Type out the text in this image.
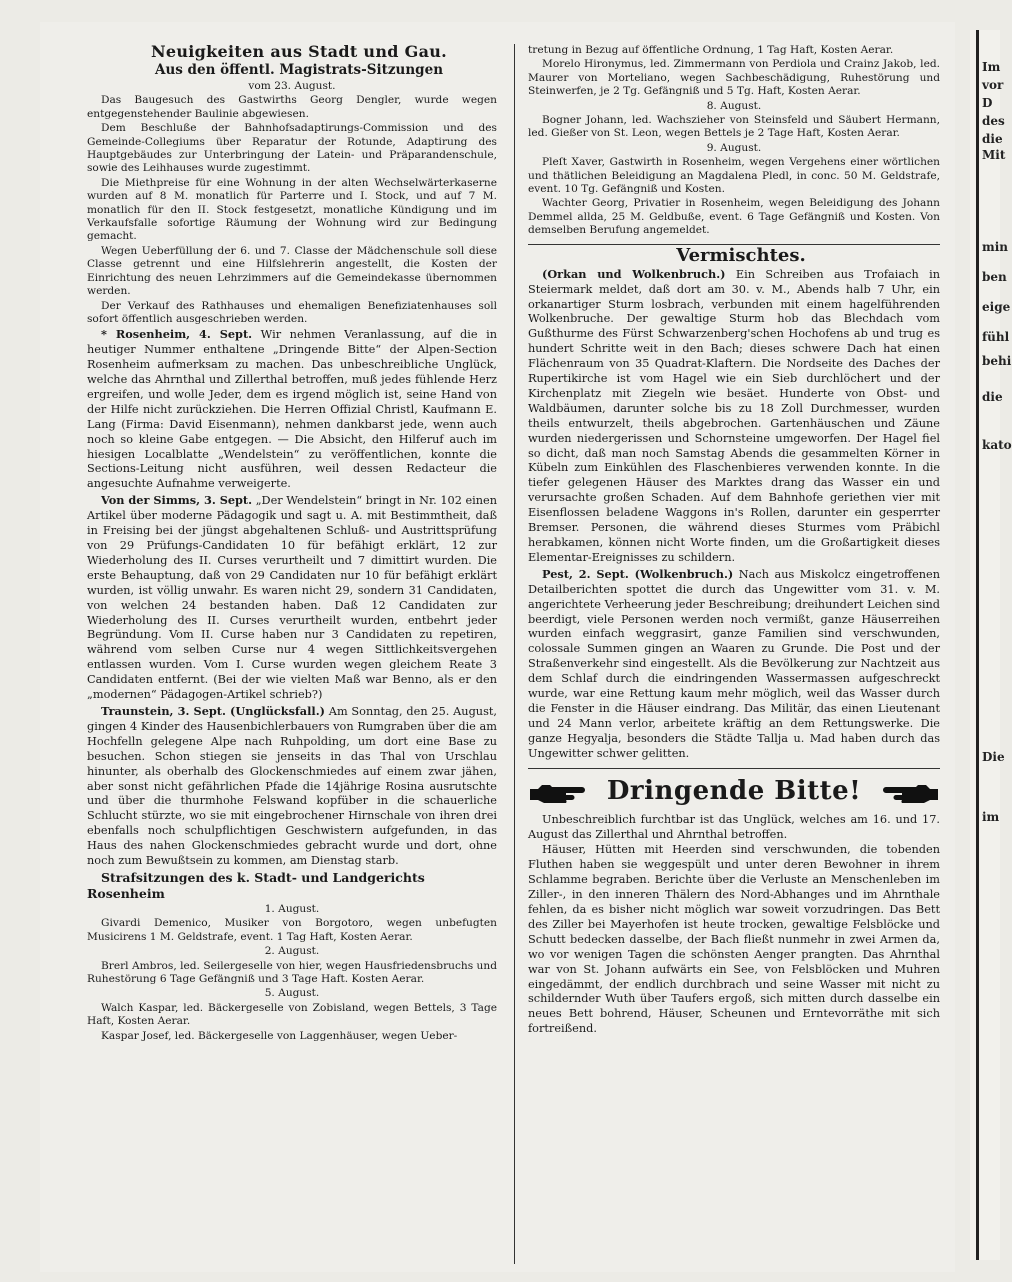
Neuigkeiten aus Stadt und Gau.

Aus den öffentl. Magistrats-Sitzungen

vom 23. August.

Das Baugesuch des Gastwirths Georg Dengler, wurde wegen entgegenstehender Baulinie abgewiesen.

Dem Beschluße der Bahnhofsadaptirungs-Commission und des Gemeinde-Collegiums über Reparatur der Rotunde, Adaptirung des Hauptgebäudes zur Unterbringung der Latein- und Präparandenschule, sowie des Leihhauses wurde zugestimmt.

Die Miethpreise für eine Wohnung in der alten Wechselwärterkaserne wurden auf 8 M. monatlich für Parterre und I. Stock, und auf 7 M. monatlich für den II. Stock festgesetzt, monatliche Kündigung und im Verkaufsfalle sofortige Räumung der Wohnung wird zur Bedingung gemacht.

Wegen Ueberfüllung der 6. und 7. Classe der Mädchenschule soll diese Classe getrennt und eine Hilfslehrerin angestellt, die Kosten der Einrichtung des neuen Lehrzimmers auf die Gemeindekasse übernommen werden.

Der Verkauf des Rathhauses und ehemaligen Benefiziatenhauses soll sofort öffentlich ausgeschrieben werden.

* Rosenheim, 4. Sept. Wir nehmen Veranlassung, auf die in heutiger Nummer enthaltene „Dringende Bitte“ der Alpen-Section Rosenheim aufmerksam zu machen. Das unbeschreibliche Unglück, welche das Ahrnthal und Zillerthal betroffen, muß jedes fühlende Herz ergreifen, und wolle Jeder, dem es irgend möglich ist, seine Hand von der Hilfe nicht zurückziehen. Die Herren Offizial Christl, Kaufmann E. Lang (Firma: David Eisenmann), nehmen dankbarst jede, wenn auch noch so kleine Gabe entgegen. — Die Absicht, den Hilferuf auch im hiesigen Localblatte „Wendelstein“ zu veröffentlichen, konnte die Sections-Leitung nicht ausführen, weil dessen Redacteur die angesuchte Aufnahme verweigerte.

Von der Simms, 3. Sept. „Der Wendelstein“ bringt in Nr. 102 einen Artikel über moderne Pädagogik und sagt u. A. mit Bestimmtheit, daß in Freising bei der jüngst abgehaltenen Schluß- und Austrittsprüfung von 29 Prüfungs-Candidaten 10 für befähigt erklärt, 12 zur Wiederholung des II. Curses verurtheilt und 7 dimittirt wurden. Die erste Behauptung, daß von 29 Candidaten nur 10 für befähigt erklärt wurden, ist völlig unwahr. Es waren nicht 29, sondern 31 Candidaten, von welchen 24 bestanden haben. Daß 12 Candidaten zur Wiederholung des II. Curses verurtheilt wurden, entbehrt jeder Begründung. Vom II. Curse haben nur 3 Candidaten zu repetiren, während vom selben Curse nur 4 wegen Sittlichkeitsvergehen entlassen wurden. Vom I. Curse wurden wegen gleichem Reate 3 Candidaten entfernt. (Bei der wie vielten Maß war Benno, als er den „modernen“ Pädagogen-Artikel schrieb?)

Traunstein, 3. Sept. (Unglücksfall.) Am Sonntag, den 25. August, gingen 4 Kinder des Hausenbichlerbauers von Rumgraben über die am Hochfelln gelegene Alpe nach Ruhpolding, um dort eine Base zu besuchen. Schon stiegen sie jenseits in das Thal von Urschlau hinunter, als oberhalb des Glockenschmiedes auf einem zwar jähen, aber sonst nicht gefährlichen Pfade die 14jährige Rosina ausrutschte und über die thurmhohe Felswand kopfüber in die schauerliche Schlucht stürzte, wo sie mit eingebrochener Hirnschale von ihren drei ebenfalls noch schulpflichtigen Geschwistern aufgefunden, in das Haus des nahen Glockenschmiedes gebracht wurde und dort, ohne noch zum Bewußtsein zu kommen, am Dienstag starb.

Strafsitzungen des k. Stadt- und Landgerichts Rosenheim

1. August.

Givardi Demenico, Musiker von Borgotoro, wegen unbefugten Musicirens 1 M. Geldstrafe, event. 1 Tag Haft, Kosten Aerar.

2. August.

Brerl Ambros, led. Seilergeselle von hier, wegen Hausfriedensbruchs und Ruhestörung 6 Tage Gefängniß und 3 Tage Haft. Kosten Aerar.

5. August.

Walch Kaspar, led. Bäckergeselle von Zobisland, wegen Bettels, 3 Tage Haft, Kosten Aerar.

Kaspar Josef, led. Bäckergeselle von Laggenhäuser, wegen Ueber-

tretung in Bezug auf öffentliche Ordnung, 1 Tag Haft, Kosten Aerar.

Morelo Hironymus, led. Zimmermann von Perdiola und Crainz Jakob, led. Maurer von Morteliano, wegen Sachbeschädigung, Ruhestörung und Steinwerfen, je 2 Tg. Gefängniß und 5 Tg. Haft, Kosten Aerar.

8. August.

Bogner Johann, led. Wachszieher von Steinsfeld und Säubert Hermann, led. Gießer von St. Leon, wegen Bettels je 2 Tage Haft, Kosten Aerar.

9. August.

Pleſt Xaver, Gastwirth in Rosenheim, wegen Vergehens einer wörtlichen und thätlichen Beleidigung an Magdalena Pledl, in conc. 50 M. Geldstrafe, event. 10 Tg. Gefängniß und Kosten.

Wachter Georg, Privatier in Rosenheim, wegen Beleidigung des Johann Demmel allda, 25 M. Geldbuße, event. 6 Tage Gefängniß und Kosten. Von demselben Berufung angemeldet.

Vermischtes.

(Orkan und Wolkenbruch.) Ein Schreiben aus Trofaiach in Steiermark meldet, daß dort am 30. v. M., Abends halb 7 Uhr, ein orkanartiger Sturm losbrach, verbunden mit einem hagelführenden Wolkenbruche. Der gewaltige Sturm hob das Blechdach vom Gußthurme des Fürst Schwarzenberg'schen Hochofens ab und trug es hundert Schritte weit in den Bach; dieses schwere Dach hat einen Flächenraum von 35 Quadrat-Klaftern. Die Nordseite des Daches der Rupertikirche ist vom Hagel wie ein Sieb durchlöchert und der Kirchenplatz mit Ziegeln wie besäet. Hunderte von Obst- und Waldbäumen, darunter solche bis zu 18 Zoll Durchmesser, wurden theils entwurzelt, theils abgebrochen. Gartenhäuschen und Zäune wurden niedergerissen und Schornsteine umgeworfen. Der Hagel fiel so dicht, daß man noch Samstag Abends die gesammelten Körner in Kübeln zum Einkühlen des Flaschenbieres verwenden konnte. In die tiefer gelegenen Häuser des Marktes drang das Wasser ein und verursachte großen Schaden. Auf dem Bahnhofe geriethen vier mit Eisenflossen beladene Waggons in's Rollen, darunter ein gesperrter Bremser. Personen, die während dieses Sturmes vom Präbichl herabkamen, können nicht Worte finden, um die Großartigkeit dieses Elementar-Ereignisses zu schildern.

Pest, 2. Sept. (Wolkenbruch.) Nach aus Miskolcz eingetroffenen Detailberichten spottet die durch das Ungewitter vom 31. v. M. angerichtete Verheerung jeder Beschreibung; dreihundert Leichen sind beerdigt, viele Personen werden noch vermißt, ganze Häuserreihen wurden einfach weggrasirt, ganze Familien sind verschwunden, colossale Summen gingen an Waaren zu Grunde. Die Post und der Straßenverkehr sind eingestellt. Als die Bevölkerung zur Nachtzeit aus dem Schlaf durch die eindringenden Wassermassen aufgeschreckt wurde, war eine Rettung kaum mehr möglich, weil das Wasser durch die Fenster in die Häuser eindrang. Das Militär, das einen Lieutenant und 24 Mann verlor, arbeitete kräftig an dem Rettungswerke. Die ganze Hegyalja, besonders die Städte Tallja u. Mad haben durch das Ungewitter schwer gelitten.

Dringende Bitte!

Unbeschreiblich furchtbar ist das Unglück, welches am 16. und 17. August das Zillerthal und Ahrnthal betroffen.

Häuser, Hütten mit Heerden sind verschwunden, die tobenden Fluthen haben sie weggespült und unter deren Bewohner in ihrem Schlamme begraben. Berichte über die Verluste an Menschenleben im Ziller-, in den inneren Thälern des Nord-Abhanges und im Ahrnthale fehlen, da es bisher nicht möglich war soweit vorzudringen. Das Bett des Ziller bei Mayerhofen ist heute trocken, gewaltige Felsblöcke und Schutt bedecken dasselbe, der Bach fließt nunmehr in zwei Armen da, wo vor wenigen Tagen die schönsten Aenger prangten. Das Ahrnthal war von St. Johann aufwärts ein See, von Felsblöcken und Muhren eingedämmt, der endlich durchbrach und seine Wasser mit nicht zu schildernder Wuth über Taufers ergoß, sich mitten durch dasselbe ein neues Bett bohrend, Häuser, Scheunen und Erntevorräthe mit sich fortreißend.

Im
vor
D
des
die
Mit
min
ben
eige
fühl
behi
die
kato
Die
im
